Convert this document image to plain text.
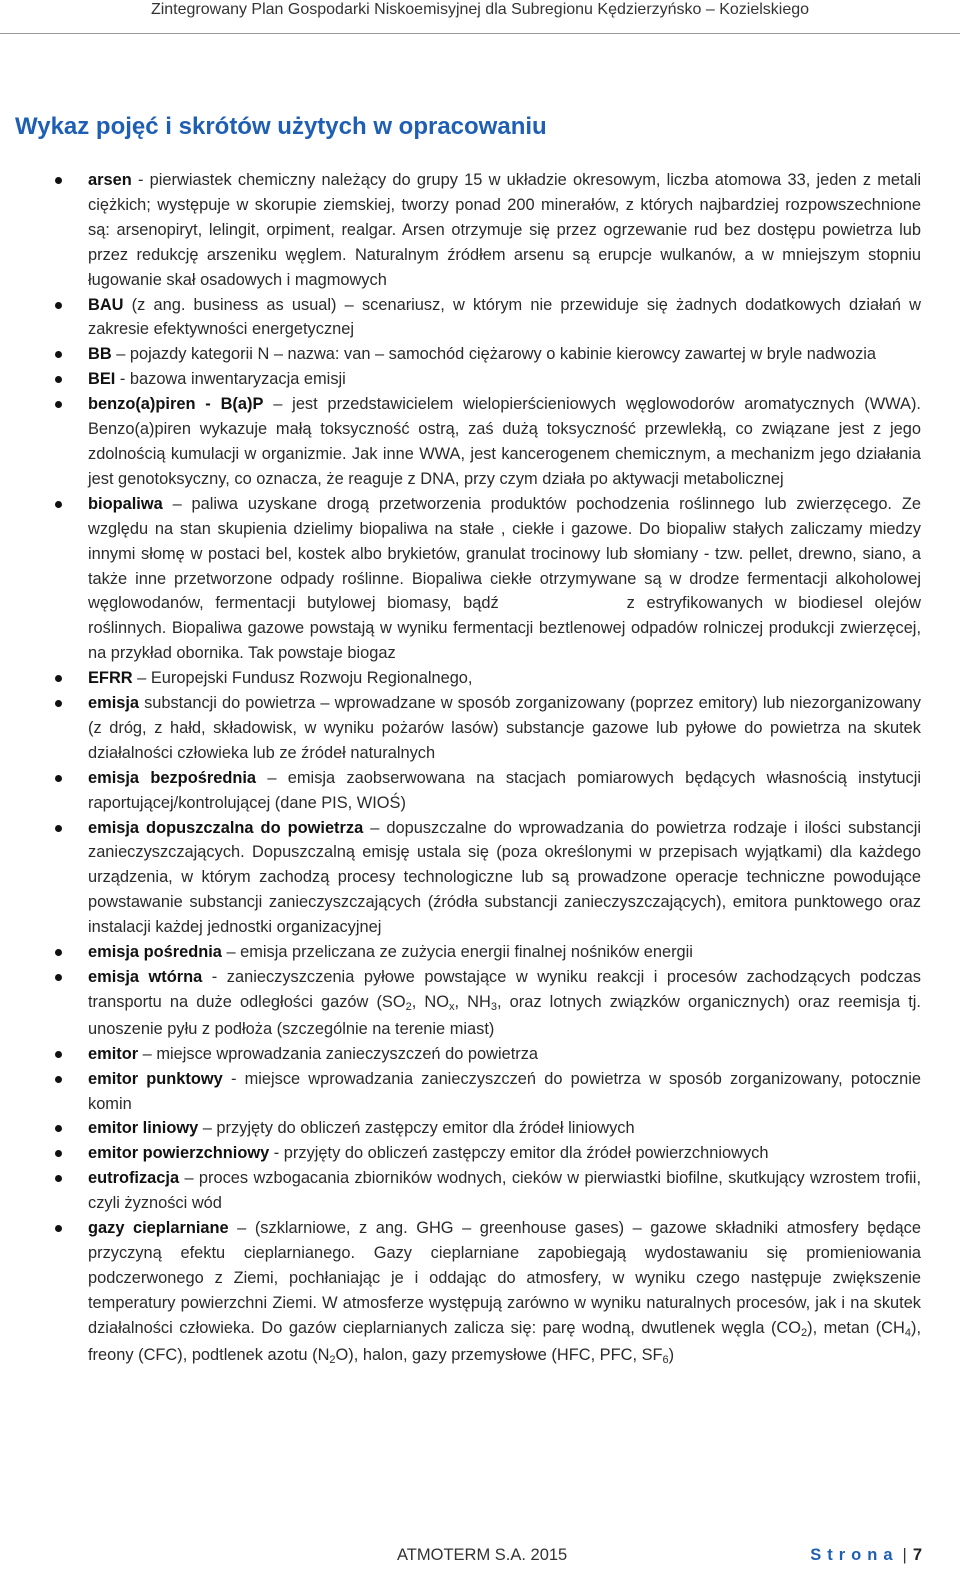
Zintegrowany Plan Gospodarki Niskoemisyjnej dla Subregionu Kędzierzyńsko – Kozielskiego
Wykaz pojęć i skrótów użytych w opracowaniu
arsen - pierwiastek chemiczny należący do grupy 15 w układzie okresowym, liczba atomowa 33, jeden z metali ciężkich; występuje w skorupie ziemskiej, tworzy ponad 200 minerałów, z których najbardziej rozpowszechnione są: arsenopiryt, lelingit, orpiment, realgar. Arsen otrzymuje się przez ogrzewanie rud bez dostępu powietrza lub przez redukcję arszeniku węglem. Naturalnym źródłem arsenu są erupcje wulkanów, a w mniejszym stopniu ługowanie skał osadowych i magmowych
BAU (z ang. business as usual) – scenariusz, w którym nie przewiduje się żadnych dodatkowych działań w zakresie efektywności energetycznej
BB – pojazdy kategorii N – nazwa: van – samochód ciężarowy o kabinie kierowcy zawartej w bryle nadwozia
BEI - bazowa inwentaryzacja emisji
benzo(a)piren - B(a)P – jest przedstawicielem wielopierścieniowych węglowodorów aromatycznych (WWA). Benzo(a)piren wykazuje małą toksyczność ostrą, zaś dużą toksyczność przewlekłą, co związane jest z jego zdolnością kumulacji w organizmie. Jak inne WWA, jest kancerogenem chemicznym, a mechanizm jego działania jest genotoksyczny, co oznacza, że reaguje z DNA, przy czym działa po aktywacji metabolicznej
biopaliwa – paliwa uzyskane drogą przetworzenia produktów pochodzenia roślinnego lub zwierzęcego. Ze względu na stan skupienia dzielimy biopaliwa na stałe , ciekłe i gazowe. Do biopaliw stałych zaliczamy miedzy innymi słomę w postaci bel, kostek albo brykietów, granulat trocinowy lub słomiany - tzw. pellet, drewno, siano, a także inne przetworzone odpady roślinne. Biopaliwa ciekłe otrzymywane są w drodze fermentacji alkoholowej węglowodanów, fermentacji butylowej biomasy, bądź	z estryfikowanych w biodiesel olejów roślinnych. Biopaliwa gazowe powstają w wyniku fermentacji beztlenowej odpadów rolniczej produkcji zwierzęcej, na przykład obornika. Tak powstaje biogaz
EFRR – Europejski Fundusz Rozwoju Regionalnego,
emisja substancji do powietrza – wprowadzane w sposób zorganizowany (poprzez emitory) lub niezorganizowany (z dróg, z hałd, składowisk, w wyniku pożarów lasów) substancje gazowe lub pyłowe do powietrza na skutek działalności człowieka lub ze źródeł naturalnych
emisja bezpośrednia – emisja zaobserwowana na stacjach pomiarowych będących własnością instytucji raportującej/kontrolującej (dane PIS, WIOŚ)
emisja dopuszczalna do powietrza – dopuszczalne do wprowadzania do powietrza rodzaje i ilości substancji zanieczyszczających. Dopuszczalną emisję ustala się (poza określonymi w przepisach wyjątkami) dla każdego urządzenia, w którym zachodzą procesy technologiczne lub są prowadzone operacje techniczne powodujące powstawanie substancji zanieczyszczających (źródła substancji zanieczyszczających), emitora punktowego oraz instalacji każdej jednostki organizacyjnej
emisja pośrednia – emisja przeliczana ze zużycia energii finalnej nośników energii
emisja wtórna - zanieczyszczenia pyłowe powstające w wyniku reakcji i procesów zachodzących podczas transportu na duże odległości gazów (SO2, NOx, NH3, oraz lotnych związków organicznych) oraz reemisja tj. unoszenie pyłu z podłoża (szczególnie na terenie miast)
emitor – miejsce wprowadzania zanieczyszczeń do powietrza
emitor punktowy - miejsce wprowadzania zanieczyszczeń do powietrza w sposób zorganizowany, potocznie komin
emitor liniowy – przyjęty do obliczeń zastępczy emitor dla źródeł liniowych
emitor powierzchniowy - przyjęty do obliczeń zastępczy emitor dla źródeł powierzchniowych
eutrofizacja – proces wzbogacania zbiorników wodnych, cieków w pierwiastki biofilne, skutkujący wzrostem trofii, czyli żyzności wód
gazy cieplarniane – (szklarniowe, z ang. GHG – greenhouse gases) – gazowe składniki atmosfery będące przyczyną efektu cieplarnianego. Gazy cieplarniane zapobiegają wydostawaniu się promieniowania podczerwonego z Ziemi, pochłaniając je i oddając do atmosfery, w wyniku czego następuje zwiększenie temperatury powierzchni Ziemi. W atmosferze występują zarówno w wyniku naturalnych procesów, jak i na skutek działalności człowieka. Do gazów cieplarnianych zalicza się: parę wodną, dwutlenek węgla (CO2), metan (CH4), freony (CFC), podtlenek azotu (N2O), halon, gazy przemysłowe (HFC, PFC, SF6)
ATMOTERM S.A. 2015	Strona | 7
